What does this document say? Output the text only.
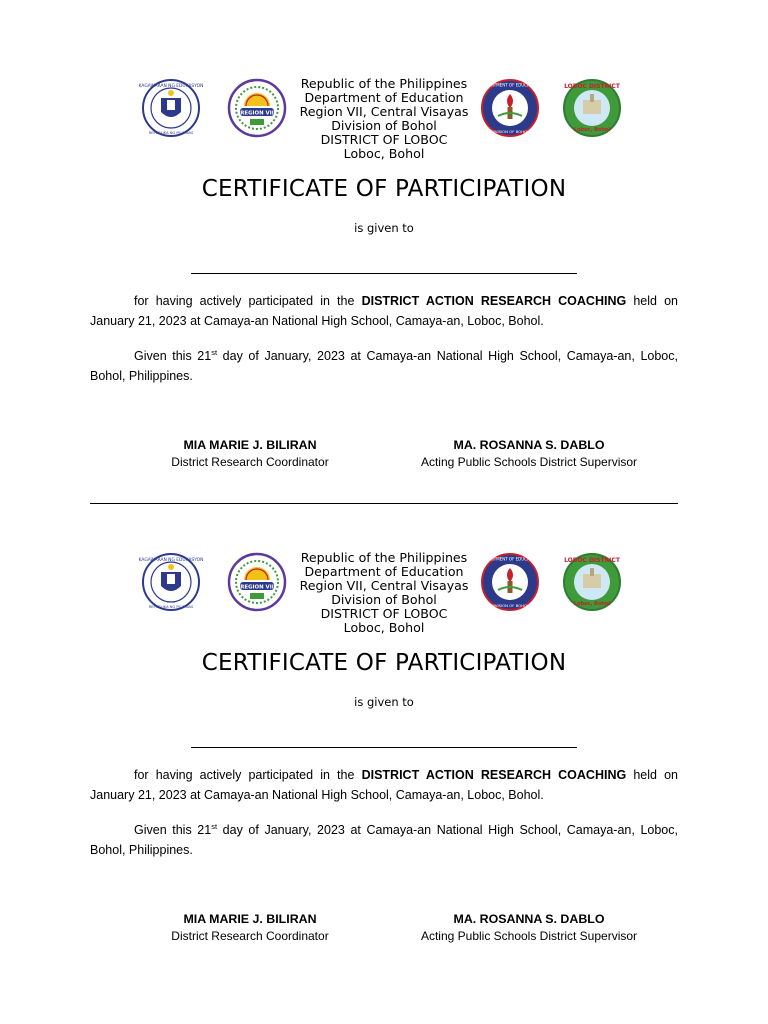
KAGAWARAN NG EDUKASYON
REPUBLIKA NG PILIPINAS
REGION VII
Republic of the Philippines
Department of Education
Region VII, Central Visayas
Division of Bohol
DISTRICT OF LOBOC
Loboc, Bohol
DEPARTMENT OF EDUCATION
DIVISION OF BOHOL
LOBOC DISTRICT
Loboc, Bohol
CERTIFICATE OF PARTICIPATION
is given to
for having actively participated in the DISTRICT ACTION RESEARCH COACHING held on January 21, 2023 at Camaya-an National High School, Camaya-an, Loboc, Bohol.
Given this 21st day of January, 2023 at Camaya-an National High School, Camaya-an, Loboc, Bohol, Philippines.
MIA MARIE J. BILIRAN
District Research Coordinator
MA. ROSANNA S. DABLO
Acting Public Schools District Supervisor
KAGAWARAN NG EDUKASYON
REPUBLIKA NG PILIPINAS
REGION VII
Republic of the Philippines
Department of Education
Region VII, Central Visayas
Division of Bohol
DISTRICT OF LOBOC
Loboc, Bohol
DEPARTMENT OF EDUCATION
DIVISION OF BOHOL
LOBOC DISTRICT
Loboc, Bohol
CERTIFICATE OF PARTICIPATION
is given to
for having actively participated in the DISTRICT ACTION RESEARCH COACHING held on January 21, 2023 at Camaya-an National High School, Camaya-an, Loboc, Bohol.
Given this 21st day of January, 2023 at Camaya-an National High School, Camaya-an, Loboc, Bohol, Philippines.
MIA MARIE J. BILIRAN
District Research Coordinator
MA. ROSANNA S. DABLO
Acting Public Schools District Supervisor
